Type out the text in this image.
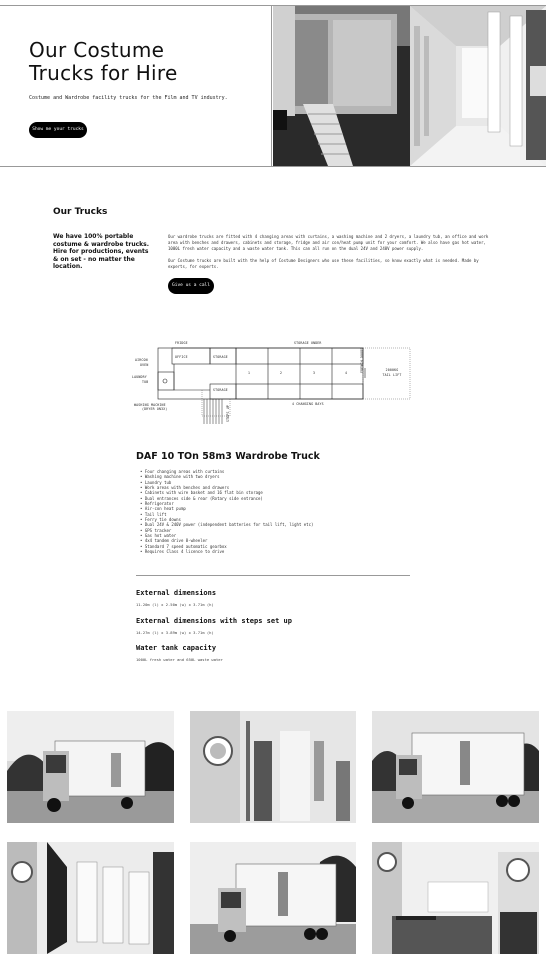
Our Costume
Trucks for Hire

Costume and Wardrobe facility trucks for the Film and TV industry.

Show me your trucks
Our Trucks

We have 100% portable costume & wardrobe trucks. Hire for productions, events & on set - no matter the location.

Our wardrobe trucks are fitted with 4 changing areas with curtains, a washing machine and 2 dryers, a laundry tub, an office and work area with benches and drawers, cabinets and storage, fridge and air con/heat pump unit for your comfort. We also have gas hot water, 1000L fresh water capacity and a waste water tank. This can all run on the dual 24V and 240V power supply.

Our Costume trucks are built with the help of Costume Designers who use these facilities, so know exactly what is needed. Made by experts, for experts.

Give us a call
FRIDGE	STORAGE UNDER
AIRCON
OVEN
OFFICE	STORAGE
LAUNDRY
TUB
STORAGE
1	2	3	4	FRENCH DOORS	2000KG TAIL LIFT
WASHING MACHINE
(DRYER ON3X)	STEPS UP
4 CHANGING BAYS
DAF 10 TOn 58m3 Wardrobe Truck
• Four changing areas with curtains
• Washing machine with two dryers
• Laundry tub
• Work areas with benches and drawers
• Cabinets with wire basket and 16 flat bin storage
• Dual entrances side & rear (Rotary side entrance)
• Refrigerator
• Air-con heat pump
• Tail lift
• Ferry tie downs
• Dual 24V & 240V power (independent batteries for tail lift, light etc)
• GPS tracker
• Gas hot water
• 4x4 tandem drive 8-wheeler
• Standard 7 speed automatic gearbox
• Requires Class 4 licence to drive
External dimensions

11.20m (l) x 2.50m (w) x 3.71m (h)

External dimensions with steps set up

14.27m (l) x 3.89m (w) x 3.71m (h)

Water tank capacity

1000L fresh water and 650L waste water
